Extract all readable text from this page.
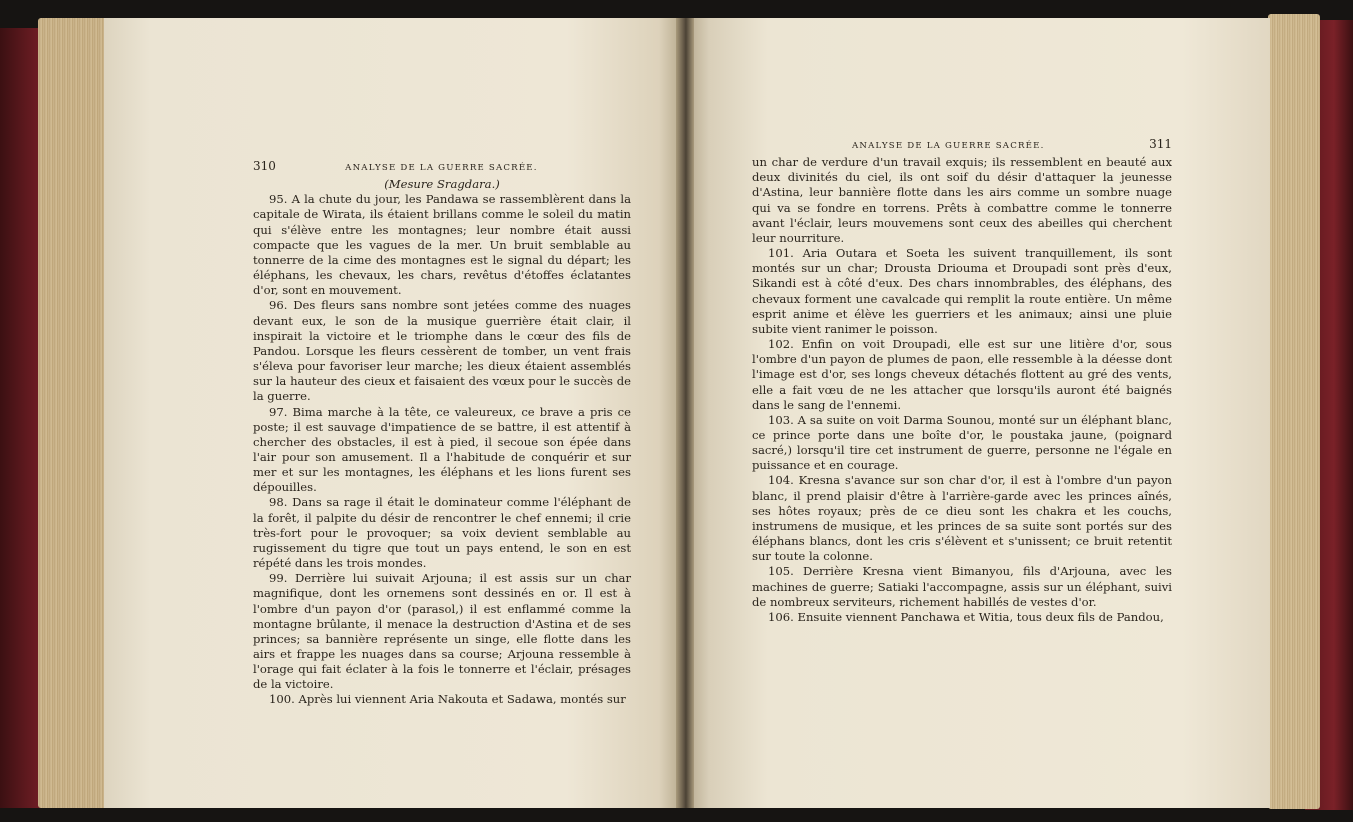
310	ANALYSE DE LA GUERRE SACRÉE.

(Mesure Sragdara.)

95. A la chute du jour, les Pandawa se rassemblèrent dans la capitale de Wirata, ils étaient brillans comme le soleil du matin qui s'élève entre les montagnes; leur nombre était aussi compacte que les vagues de la mer. Un bruit semblable au tonnerre de la cime des montagnes est le signal du départ; les éléphans, les chevaux, les chars, revêtus d'étoffes éclatantes d'or, sont en mouvement.

96. Des fleurs sans nombre sont jetées comme des nuages devant eux, le son de la musique guerrière était clair, il inspirait la victoire et le triomphe dans le cœur des fils de Pandou. Lorsque les fleurs cessèrent de tomber, un vent frais s'éleva pour favoriser leur marche; les dieux étaient assemblés sur la hauteur des cieux et faisaient des vœux pour le succès de la guerre.

97. Bima marche à la tête, ce valeureux, ce brave a pris ce poste; il est sauvage d'impatience de se battre, il est attentif à chercher des obstacles, il est à pied, il secoue son épée dans l'air pour son amusement. Il a l'habitude de conquérir et sur mer et sur les montagnes, les éléphans et les lions furent ses dépouilles.

98. Dans sa rage il était le dominateur comme l'éléphant de la forêt, il palpite du désir de rencontrer le chef ennemi; il crie très-fort pour le provoquer; sa voix devient semblable au rugissement du tigre que tout un pays entend, le son en est répété dans les trois mondes.

99. Derrière lui suivait Arjouna; il est assis sur un char magnifique, dont les ornemens sont dessinés en or. Il est à l'ombre d'un payon d'or (parasol,) il est enflammé comme la montagne brûlante, il menace la destruction d'Astina et de ses princes; sa bannière représente un singe, elle flotte dans les airs et frappe les nuages dans sa course; Arjouna ressemble à l'orage qui fait éclater à la fois le tonnerre et l'éclair, présages de la victoire.

100. Après lui viennent Aria Nakouta et Sadawa, montés sur

ANALYSE DE LA GUERRE SACRÉE.	311

un char de verdure d'un travail exquis; ils ressemblent en beauté aux deux divinités du ciel, ils ont soif du désir d'attaquer la jeunesse d'Astina, leur bannière flotte dans les airs comme un sombre nuage qui va se fondre en torrens. Prêts à combattre comme le tonnerre avant l'éclair, leurs mouvemens sont ceux des abeilles qui cherchent leur nourriture.

101. Aria Outara et Soeta les suivent tranquillement, ils sont montés sur un char; Drousta Driouma et Droupadi sont près d'eux, Sikandi est à côté d'eux. Des chars innombrables, des éléphans, des chevaux forment une cavalcade qui remplit la route entière. Un même esprit anime et élève les guerriers et les animaux; ainsi une pluie subite vient ranimer le poisson.

102. Enfin on voit Droupadi, elle est sur une litière d'or, sous l'ombre d'un payon de plumes de paon, elle ressemble à la déesse dont l'image est d'or, ses longs cheveux détachés flottent au gré des vents, elle a fait vœu de ne les attacher que lorsqu'ils auront été baignés dans le sang de l'ennemi.

103. A sa suite on voit Darma Sounou, monté sur un éléphant blanc, ce prince porte dans une boîte d'or, le poustaka jaune, (poignard sacré,) lorsqu'il tire cet instrument de guerre, personne ne l'égale en puissance et en courage.

104. Kresna s'avance sur son char d'or, il est à l'ombre d'un payon blanc, il prend plaisir d'être à l'arrière-garde avec les princes aînés, ses hôtes royaux; près de ce dieu sont les chakra et les couchs, instrumens de musique, et les princes de sa suite sont portés sur des éléphans blancs, dont les cris s'élèvent et s'unissent; ce bruit retentit sur toute la colonne.

105. Derrière Kresna vient Bimanyou, fils d'Arjouna, avec les machines de guerre; Satiaki l'accompagne, assis sur un éléphant, suivi de nombreux serviteurs, richement habillés de vestes d'or.

106. Ensuite viennent Panchawa et Witia, tous deux fils de Pandou,
